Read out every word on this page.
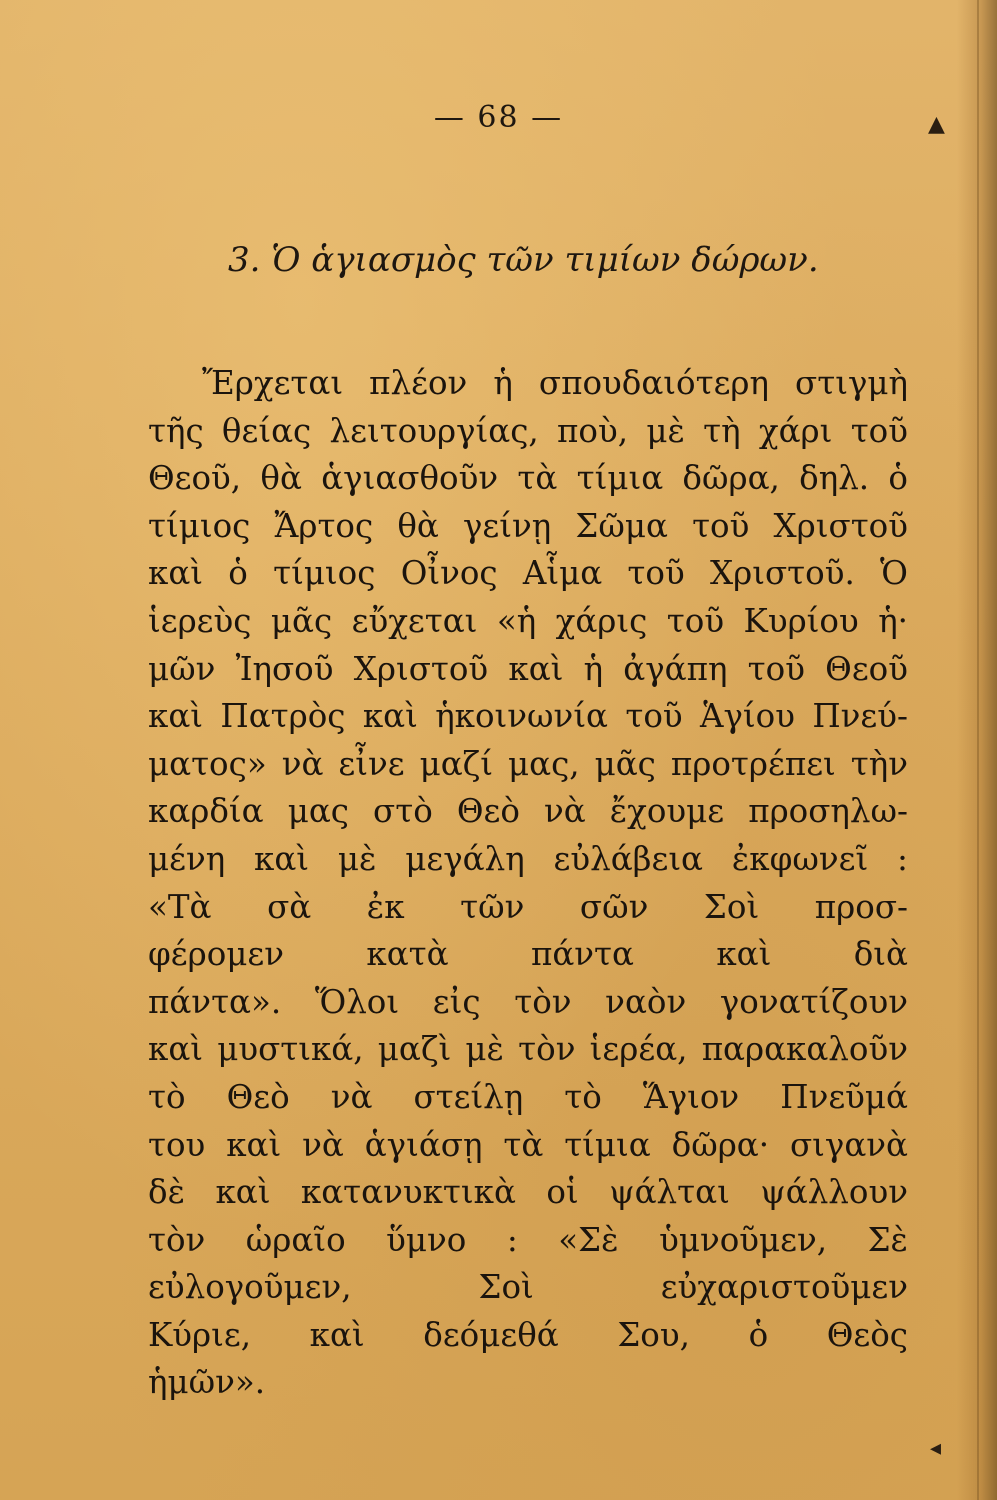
— 68 —
3. Ὁ ἁγιασμὸς τῶν τιμίων δώρων.
Ἔρχεται πλέον ἡ σπουδαιότερη στιγμὴ
τῆς θείας λειτουργίας, ποὺ, μὲ τὴ χάρι τοῦ
Θεοῦ, θὰ ἁγιασθοῦν τὰ τίμια δῶρα, δηλ. ὁ
τίμιος Ἄρτος θὰ γείνῃ Σῶμα τοῦ Χριστοῦ
καὶ ὁ τίμιος Οἶνος Αἷμα τοῦ Χριστοῦ. Ὁ
ἱερεὺς μᾶς εὔχεται «ἡ χάρις τοῦ Κυρίου ἡ·
μῶν Ἰησοῦ Χριστοῦ καὶ ἡ ἀγάπη τοῦ Θεοῦ
καὶ Πατρὸς καὶ ἡκοινωνία τοῦ Ἁγίου Πνεύ-
ματος» νὰ εἶνε μαζί μας, μᾶς προτρέπει τὴν
καρδία μας στὸ Θεὸ νὰ ἔχουμε προσηλω-
μένη καὶ μὲ μεγάλη εὐλάβεια ἐκφωνεῖ :
«Τὰ σὰ ἐκ τῶν σῶν Σοὶ προσ-
φέρομεν κατὰ πάντα καὶ διὰ
πάντα». Ὅλοι εἰς τὸν ναὸν γονατίζουν
καὶ μυστικά, μαζὶ μὲ τὸν ἱερέα, παρακαλοῦν
τὸ Θεὸ νὰ στείλῃ τὸ Ἅγιον Πνεῦμά
του καὶ νὰ ἁγιάσῃ τὰ τίμια δῶρα· σιγανὰ
δὲ καὶ κατανυκτικὰ οἱ ψάλται ψάλλουν
τὸν ὡραῖο ὕμνο : «Σὲ ὑμνοῦμεν, Σὲ
εὐλογοῦμεν, Σοὶ εὐχαριστοῦμεν
Κύριε, καὶ δεόμεθά Σου, ὁ Θεὸς
ἡμῶν».
▲
◂
